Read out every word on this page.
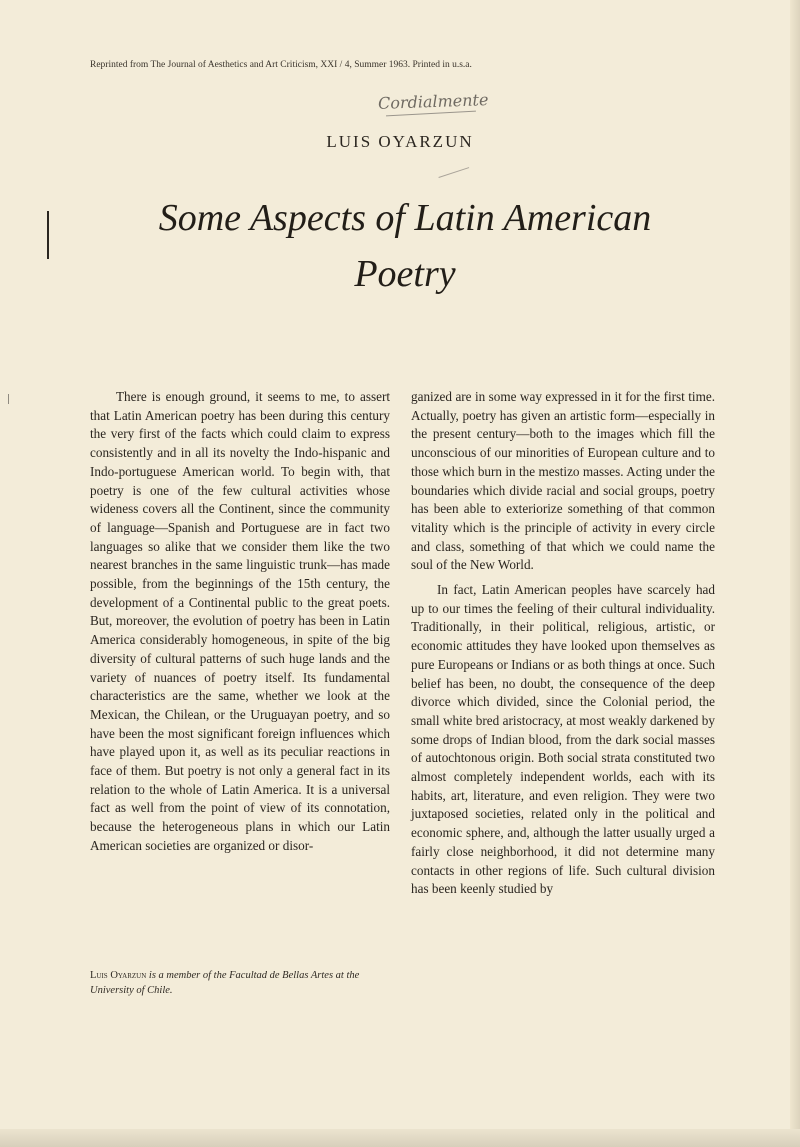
Reprinted from The Journal of Aesthetics and Art Criticism, XXI / 4, Summer 1963. Printed in u.s.a.
Cordialmente
LUIS OYARZUN
Some Aspects of Latin American
Poetry

There is enough ground, it seems to me, to assert that Latin American poetry has been during this century the very first of the facts which could claim to express consistently and in all its novelty the Indo-hispanic and Indo-portuguese American world. To begin with, that poetry is one of the few cultural activities whose wideness covers all the Continent, since the community of language—Spanish and Portuguese are in fact two languages so alike that we consider them like the two nearest branches in the same linguistic trunk—has made possible, from the beginnings of the 15th century, the development of a Continental public to the great poets. But, moreover, the evolution of poetry has been in Latin America considerably homogeneous, in spite of the big diversity of cultural patterns of such huge lands and the variety of nuances of poetry itself. Its fundamental characteristics are the same, whether we look at the Mexican, the Chilean, or the Uruguayan poetry, and so have been the most significant foreign influences which have played upon it, as well as its peculiar reactions in face of them. But poetry is not only a general fact in its relation to the whole of Latin America. It is a universal fact as well from the point of view of its connotation, because the heterogeneous plans in which our Latin American societies are organized or disor-

ganized are in some way expressed in it for the first time. Actually, poetry has given an artistic form—especially in the present century—both to the images which fill the unconscious of our minorities of European culture and to those which burn in the mestizo masses. Acting under the boundaries which divide racial and social groups, poetry has been able to exteriorize something of that common vitality which is the principle of activity in every circle and class, something of that which we could name the soul of the New World.

In fact, Latin American peoples have scarcely had up to our times the feeling of their cultural individuality. Traditionally, in their political, religious, artistic, or economic attitudes they have looked upon themselves as pure Europeans or Indians or as both things at once. Such belief has been, no doubt, the consequence of the deep divorce which divided, since the Colonial period, the small white bred aristocracy, at most weakly darkened by some drops of Indian blood, from the dark social masses of autochtonous origin. Both social strata constituted two almost completely independent worlds, each with its habits, art, literature, and even religion. They were two juxtaposed societies, related only in the political and economic sphere, and, although the latter usually urged a fairly close neighborhood, it did not determine many contacts in other regions of life. Such cultural division has been keenly studied by

Luis Oyarzun is a member of the Facultad de Bellas Artes at the University of Chile.
